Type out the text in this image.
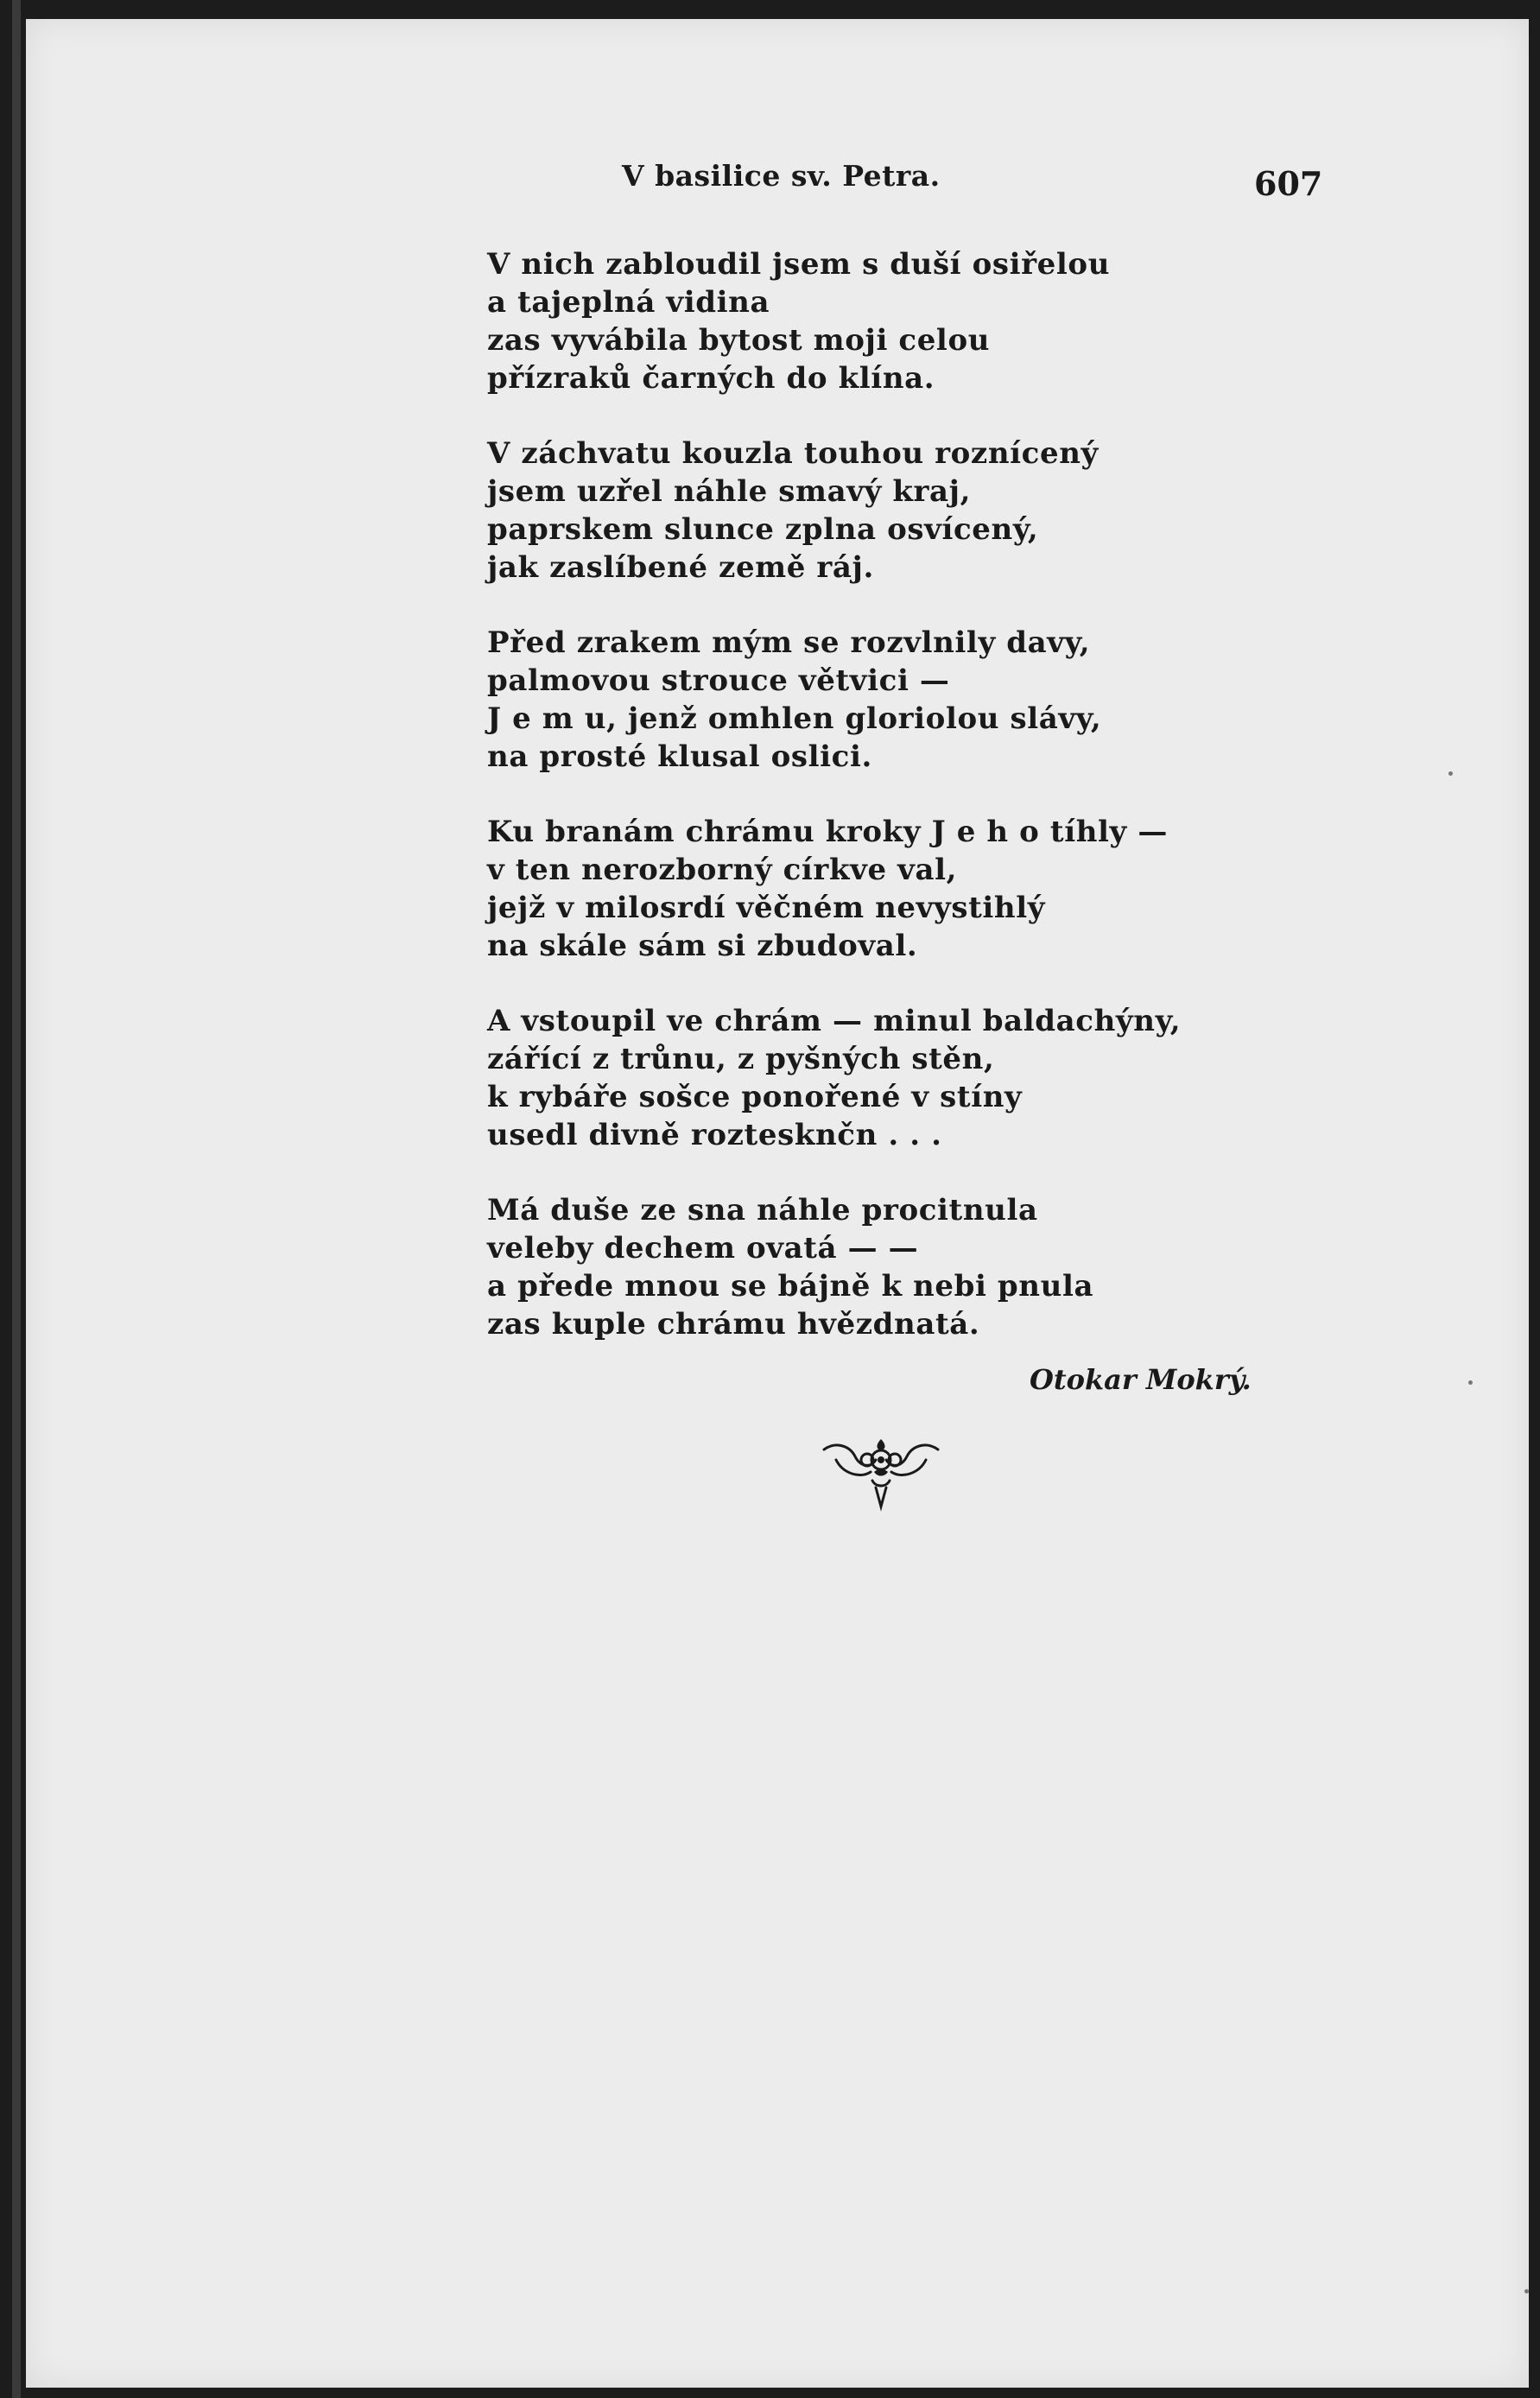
V basilice sv. Petra.	607
V nich zabloudil jsem s duší osiřelou
a tajeplná vidina
zas vyvábila bytost moji celou
přízraků čarných do klína.
V záchvatu kouzla touhou roznícený
jsem uzřel náhle smavý kraj,
paprskem slunce zplna osvícený,
jak zaslíbené země ráj.
Před zrakem mým se rozvlnily davy,
palmovou strouce větvici —
J e m u, jenž omhlen gloriolou slávy,
na prosté klusal oslici.
Ku branám chrámu kroky J e h o tíhly —
v ten nerozborný církve val,
jejž v milosrdí věčném nevystihlý
na skále sám si zbudoval.
A vstoupil ve chrám — minul baldachýny,
zářící z trůnu, z pyšných stěn,
k rybáře sošce ponořené v stíny
usedl divně roztesknčn . . .
Má duše ze sna náhle procitnula
veleby dechem ovatá — —
a přede mnou se bájně k nebi pnula
zas kuple chrámu hvězdnatá.
Otokar Mokrý.
